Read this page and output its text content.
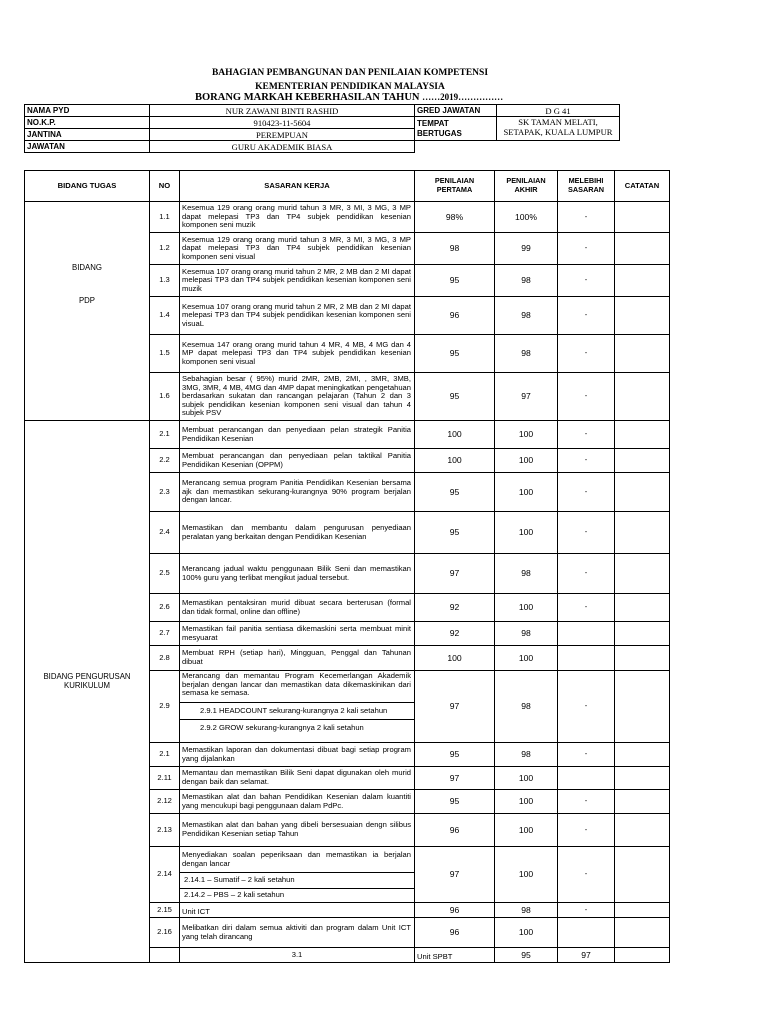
BAHAGIAN PEMBANGUNAN DAN PENILAIAN KOMPETENSI
KEMENTERIAN PENDIDIKAN MALAYSIA
BORANG MARKAH KEBERHASILAN TAHUN ……2019……………
NAMA PYD	NUR ZAWANI BINTI RASHID	GRED JAWATAN	D G 41
NO.K.P.	910423-11-5604	TEMPAT BERTUGAS	SK TAMAN MELATI, SETAPAK, KUALA LUMPUR
JANTINA	PEREMPUAN		
JAWATAN	GURU AKADEMIK BIASA		
BIDANG TUGAS	NO	SASARAN KERJA	PENILAIAN PERTAMA	PENILAIAN AKHIR	MELEBIHI SASARAN	CATATAN	

BIDANG
PDP	1.1	Kesemua 129 orang orang murid tahun 3 MR, 3 MI, 3 MG, 3 MP dapat melepasi TP3 dan TP4 subjek pendidikan kesenian komponen seni muzik	98%	100%	-		
	1.2	Kesemua 129 orang orang murid tahun 3 MR, 3 MI, 3 MG, 3 MP dapat melepasi TP3 dan TP4 subjek pendidikan kesenian komponen seni visual	98	99	-		
	1.3	Kesemua 107 orang orang murid tahun 2 MR, 2 MB dan 2 MI dapat melepasi TP3 dan TP4 subjek pendidikan kesenian komponen seni muzik	95	98	-		
	1.4	Kesemua 107 orang orang murid tahun 2 MR, 2 MB dan 2 MI dapat melepasi TP3 dan TP4 subjek pendidikan kesenian komponen seni visuaL	96	98	-		
	1.5	Kesemua 147 orang orang murid tahun 4 MR, 4 MB, 4 MG dan 4 MP dapat melepasi TP3 dan TP4 subjek pendidikan kesenian komponen seni visual	95	98	-		
	1.6	Sebahagian besar ( 95%) murid 2MR, 2MB, 2MI, , 3MR, 3MB, 3MG, 3MR, 4 MB, 4MG dan 4MP dapat meningkatkan pengetahuan berdasarkan sukatan dan rancangan pelajaran (Tahun 2 dan 3 subjek pendidikan kesenian komponen seni visual dan tahun 4 subjek PSV	95	97	-		

BIDANG PENGURUSAN KURIKULUM	2.1	Membuat perancangan dan penyediaan pelan strategik Panitia Pendidikan Kesenian	100	100	-		
	2.2	Membuat perancangan dan penyediaan pelan taktikal Panitia Pendidikan Kesenian (OPPM)	100	100	-		
	2.3	Merancang semua program Panitia Pendidikan Kesenian bersama ajk dan memastikan sekurang-kurangnya 90% program berjalan dengan lancar.	95	100	-		
	2.4	Memastikan dan membantu dalam pengurusan penyediaan peralatan yang berkaitan dengan Pendidikan Kesenian	95	100	-		
	2.5	Merancang jadual waktu penggunaan Bilik Seni dan memastikan 100% guru yang terlibat mengikut jadual tersebut.	97	98	-		
	2.6	Memastikan pentaksiran murid dibuat secara berterusan (formal dan tidak formal, online dan offline)	92	100	-		
	2.7	Memastikan fail panitia sentiasa dikemaskini serta membuat minit mesyuarat	92	98			
	2.8	Membuat RPH (setiap hari), Mingguan, Penggal dan Tahunan dibuat	100	100			
	2.9	Merancang dan memantau Program Kecemerlangan Akademik berjalan dengan lancar dan memastikan data dikemaskinikan dari semasa ke semasa.
2.9.1 HEADCOUNT sekurang-kurangnya 2 kali setahun
2.9.2 GROW sekurang-kurangnya 2 kali setahun	97	98	-		
	2.1	Memastikan laporan dan dokumentasi dibuat bagi setiap program yang dijalankan	95	98	-		
	2.11	Memantau dan memastikan Bilik Seni dapat digunakan oleh murid dengan baik dan selamat.	97	100			
	2.12	Memastikan alat dan bahan Pendidikan Kesenian dalam kuantiti yang mencukupi bagi penggunaan dalam PdPc.	95	100	-		
	2.13	Memastikan alat dan bahan yang dibeli bersesuaian dengn silibus Pendidikan Kesenian setiap Tahun	96	100	-		
	2.14	Menyediakan soalan peperiksaan dan memastikan ia berjalan dengan lancar
2.14.1 – Sumatif – 2 kali setahun
2.14.2 – PBS – 2 kali setahun	97	100	-		
	2.15	Unit ICT	96	98	-		
	2.16	Melibatkan diri dalam semua aktiviti dan program dalam Unit ICT yang telah dirancang	96	100			
		3.1	Unit SPBT	95	97		
